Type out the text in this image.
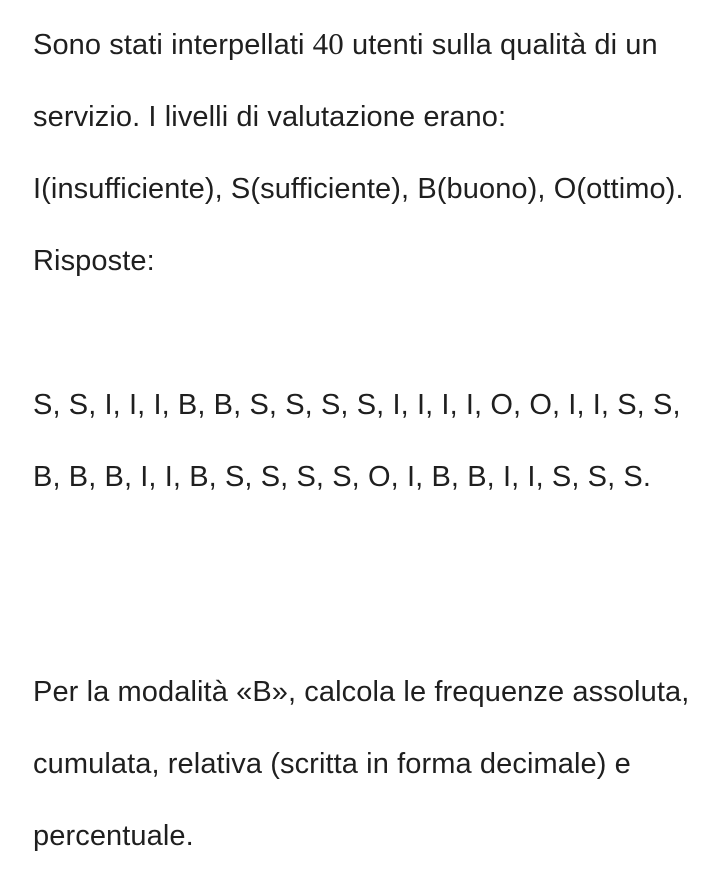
Sono stati interpellati 40 utenti sulla qualità di un servizio. I livelli di valutazione erano: I(insufficiente), S(sufficiente), B(buono), O(ottimo). Risposte:

S, S, I, I, I, B, B, S, S, S, S, I, I, I, I, O, O, I, I, S, S, B, B, B, I, I, B, S, S, S, S, O, I, B, B, I, I, S, S, S.

Per la modalità «B», calcola le frequenze assoluta, cumulata, relativa (scritta in forma decimale) e percentuale.
